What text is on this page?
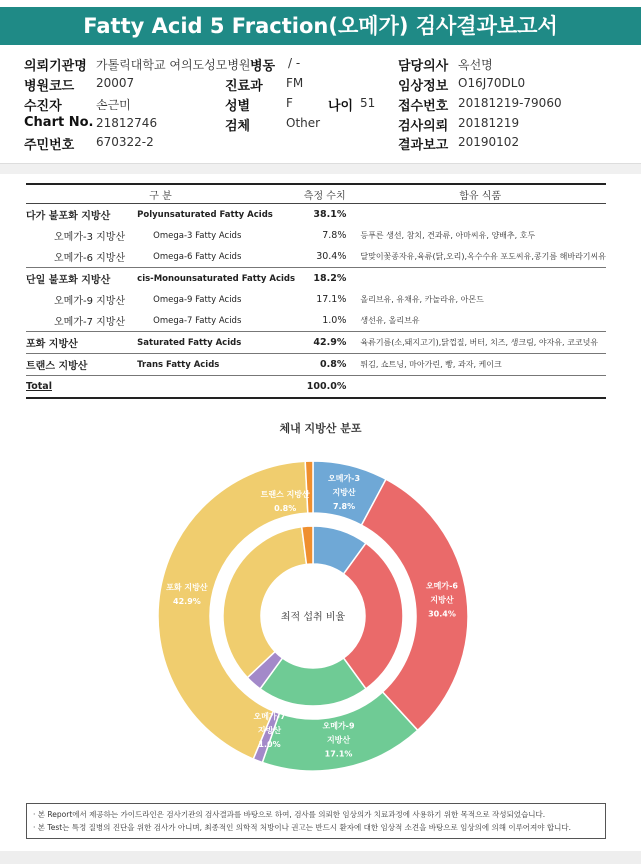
Fatty Acid 5 Fraction(오메가) 검사결과보고서
의뢰기관명 가톨릭대학교 여의도성모병원 병동 / -	담당의사 옥선명
병원코드 20007	진료과 FM	임상정보 O16J70DL0
수진자	손근미	성별	F	나이 51 접수번호 20181219-79060
Chart No. 21812746	검체	Other	검사의뢰 20181219
주민번호 670322-2	결과보고 20190102
구 분		측정 수치	함유 식품
다가 불포화 지방산	Polyunsaturated Fatty Acids	38.1%	
오메가-3 지방산	Omega-3 Fatty Acids	7.8%	등푸른 생선, 참치, 견과류, 아마씨유, 양배추, 호두
오메가-6 지방산	Omega-6 Fatty Acids	30.4%	달맞이꽃종자유,육류(닭,오리),옥수수유 포도씨유,콩기름 해바라기씨유
단일 불포화 지방산	cis-Monounsaturated Fatty Acids	18.2%	
오메가-9 지방산	Omega-9 Fatty Acids	17.1%	올리브유, 유채유, 카놀라유, 아몬드
오메가-7 지방산	Omega-7 Fatty Acids	1.0%	생선유, 올리브유
포화 지방산	Saturated Fatty Acids	42.9%	육류기름(소,돼지고기),닭껍질, 버터, 치즈, 생크림, 야자유, 코코넛유
트랜스 지방산	Trans Fatty Acids	0.8%	튀김, 쇼트닝, 마아가린, 빵, 과자, 케이크
Total		100.0%	
체내 지방산 분포
최적 섭취 비율
오메가-3
지방산
7.8%
오메가-6
지방산
30.4%
오메가-9
지방산
17.1%
오메가-7
지방산
1.0%
포화 지방산
42.9%
트랜스 지방산
0.8%
· 본 Report에서 제공하는 가이드라인은 검사기관의 검사결과를 바탕으로 하여, 검사를 의뢰한 임상의가 치료과정에 사용하기 위한 목적으로 작성되었습니다.
· 본 Test는 특정 질병의 진단을 위한 검사가 아니며, 최종적인 의학적 처방이나 권고는 반드시 환자에 대한 임상적 소견을 바탕으로 임상의에 의해 이루어져야 합니다.
